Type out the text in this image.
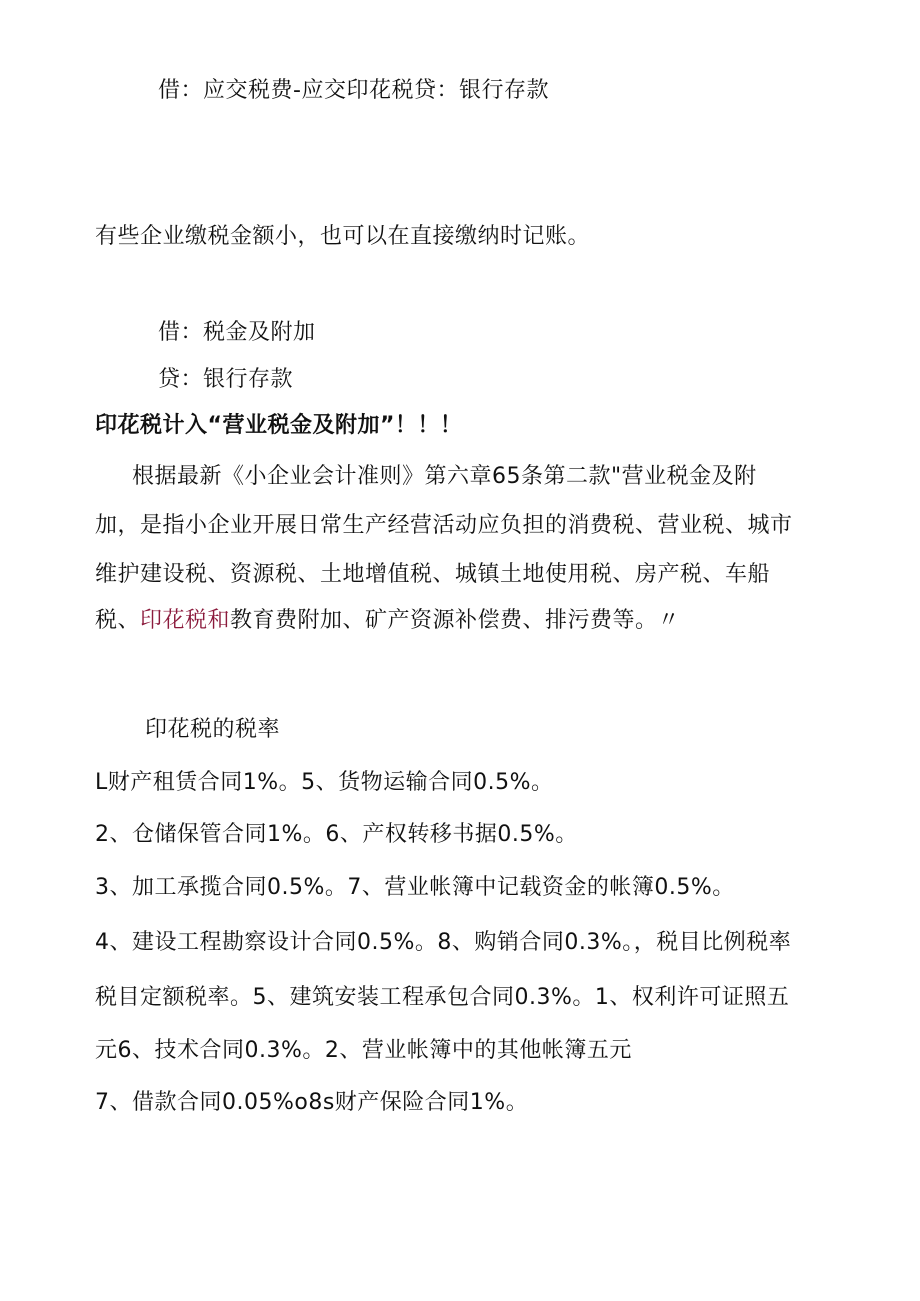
借：应交税费-应交印花税贷：银行存款
有些企业缴税金额小，也可以在直接缴纳时记账。
借：税金及附加
贷：银行存款
印花税计入“营业税金及附加”！！！
根据最新《小企业会计准则》第六章65条第二款"营业税金及附
加，是指小企业开展日常生产经营活动应负担的消费税、营业税、城市
维护建设税、资源税、土地增值税、城镇土地使用税、房产税、车船
税、印花税和教育费附加、矿产资源补偿费、排污费等。〃
印花税的税率
L财产租赁合同1%。5、货物运输合同0.5%。
2、仓储保管合同1%。6、产权转移书据0.5%。
3、加工承揽合同0.5%。7、营业帐簿中记载资金的帐簿0.5%。
4、建设工程勘察设计合同0.5%。8、购销合同0.3%。，税目比例税率
税目定额税率。5、建筑安装工程承包合同0.3%。1、权利许可证照五
元6、技术合同0.3%。2、营业帐簿中的其他帐簿五元
7、借款合同0.05%o8s财产保险合同1%。
